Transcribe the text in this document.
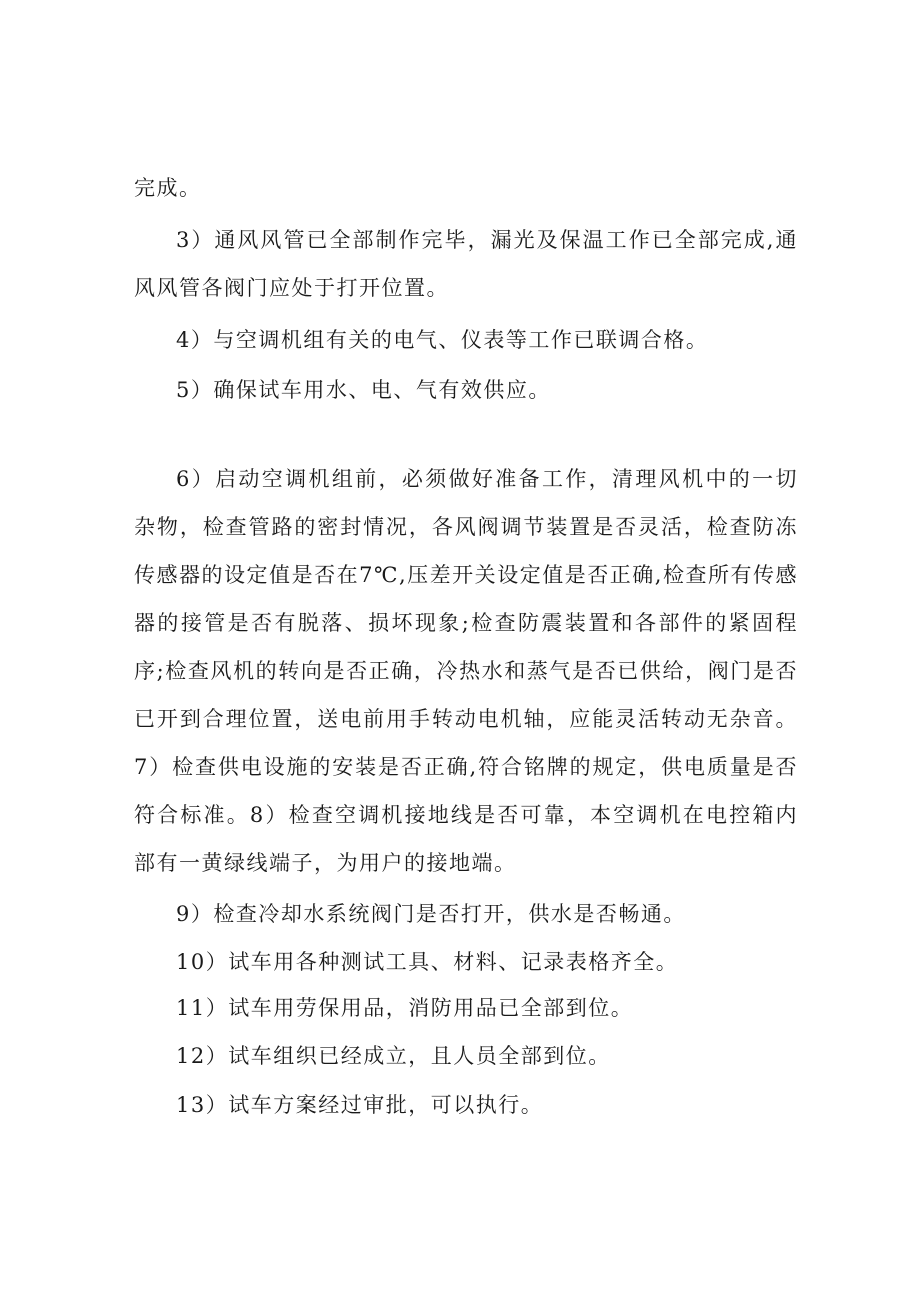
完成。

3）通风风管已全部制作完毕，漏光及保温工作已全部完成,通风风管各阀门应处于打开位置。

4）与空调机组有关的电气、仪表等工作已联调合格。

5）确保试车用水、电、气有效供应。

6）启动空调机组前，必须做好准备工作，清理风机中的一切杂物，检查管路的密封情况，各风阀调节装置是否灵活，检查防冻传感器的设定值是否在7℃,压差开关设定值是否正确,检查所有传感器的接管是否有脱落、损坏现象;检查防震装置和各部件的紧固程序;检查风机的转向是否正确，冷热水和蒸气是否已供给，阀门是否已开到合理位置，送电前用手转动电机轴，应能灵活转动无杂音。7）检查供电设施的安装是否正确,符合铭牌的规定，供电质量是否符合标准。8）检查空调机接地线是否可靠，本空调机在电控箱内部有一黄绿线端子，为用户的接地端。

9）检查冷却水系统阀门是否打开，供水是否畅通。

10）试车用各种测试工具、材料、记录表格齐全。

11）试车用劳保用品，消防用品已全部到位。

12）试车组织已经成立，且人员全部到位。

13）试车方案经过审批，可以执行。
